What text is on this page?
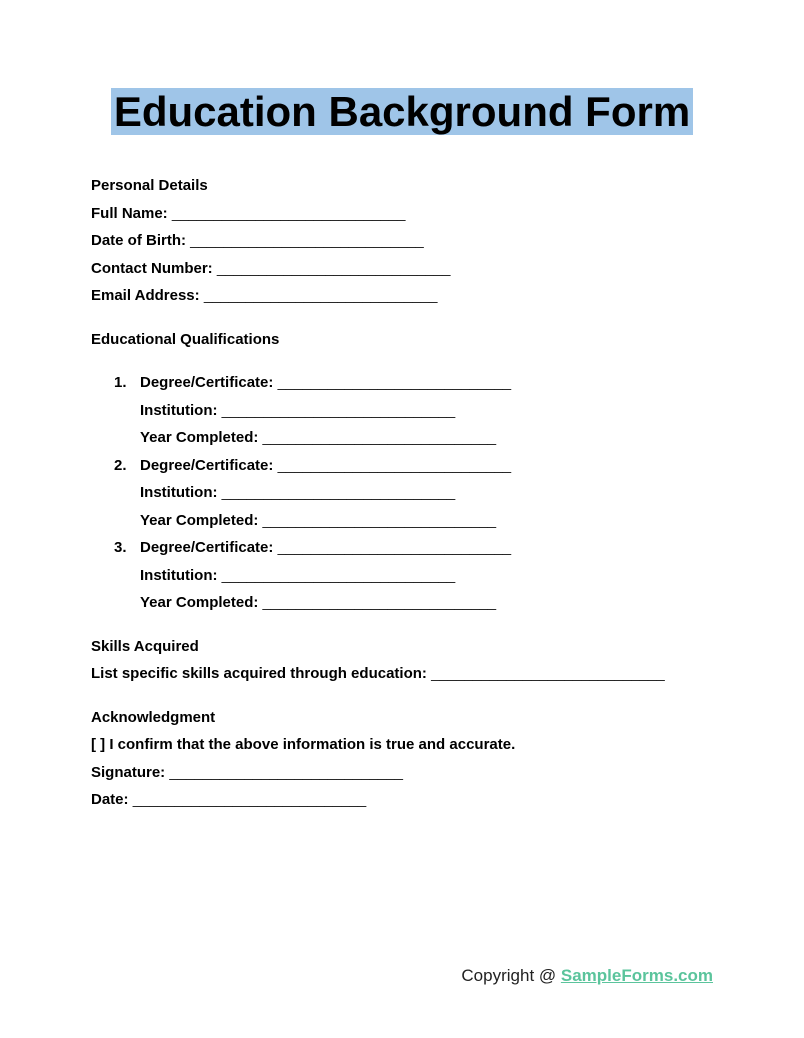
Education Background Form
Personal Details
Full Name: ____________________________
Date of Birth: ____________________________
Contact Number: ____________________________
Email Address: ____________________________
Educational Qualifications
1. Degree/Certificate: ____________________________
Institution: ____________________________
Year Completed: ____________________________
2. Degree/Certificate: ____________________________
Institution: ____________________________
Year Completed: ____________________________
3. Degree/Certificate: ____________________________
Institution: ____________________________
Year Completed: ____________________________
Skills Acquired
List specific skills acquired through education: ____________________________
Acknowledgment
[ ] I confirm that the above information is true and accurate.
Signature: ____________________________
Date: ____________________________
Copyright @ SampleForms.com
